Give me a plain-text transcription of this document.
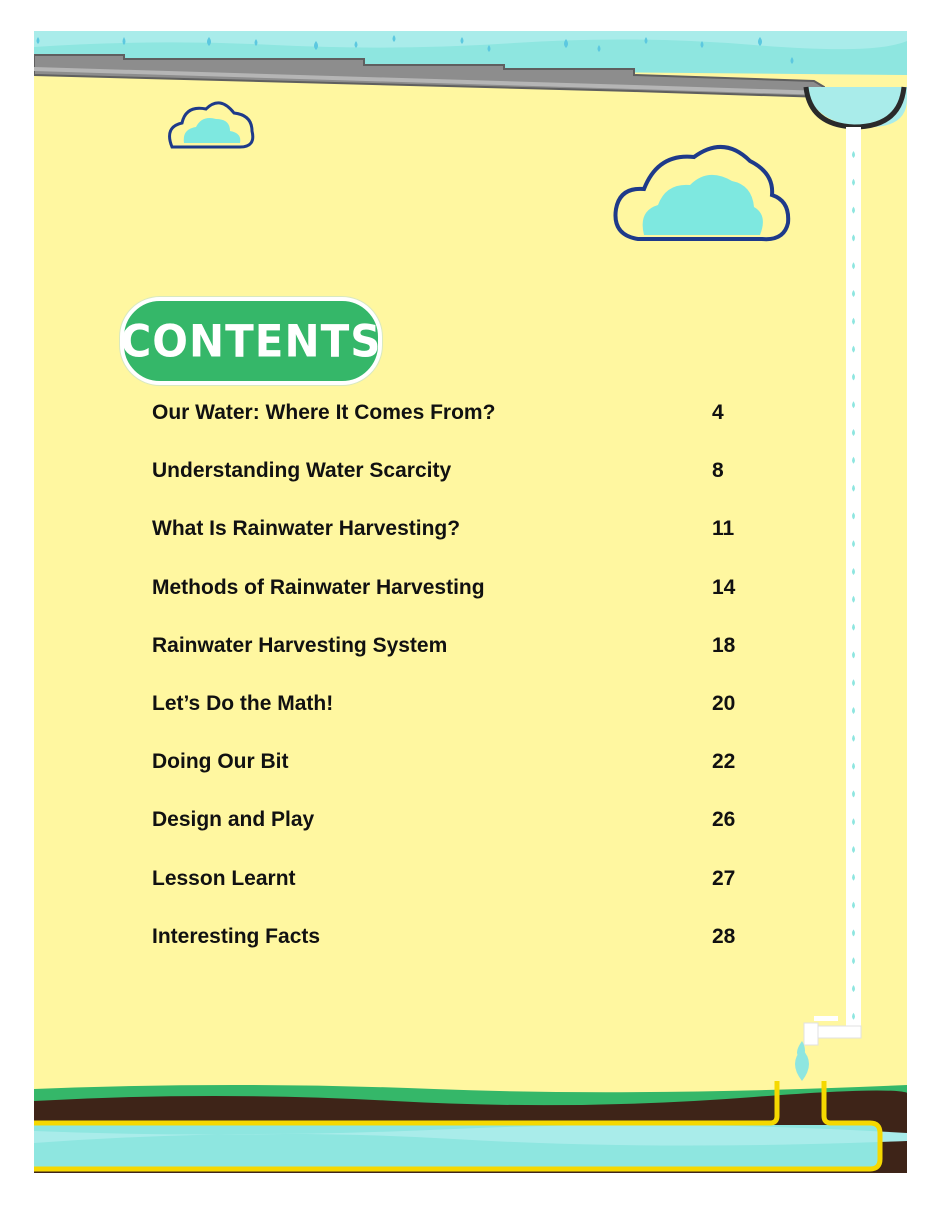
CONTENTS
Our Water: Where It Comes From?	4
Understanding Water Scarcity	8
What Is Rainwater Harvesting?	11
Methods of Rainwater Harvesting	14
Rainwater Harvesting System	18
Let’s Do the Math!	20
Doing Our Bit	22
Design and Play	26
Lesson Learnt	27
Interesting Facts	28
